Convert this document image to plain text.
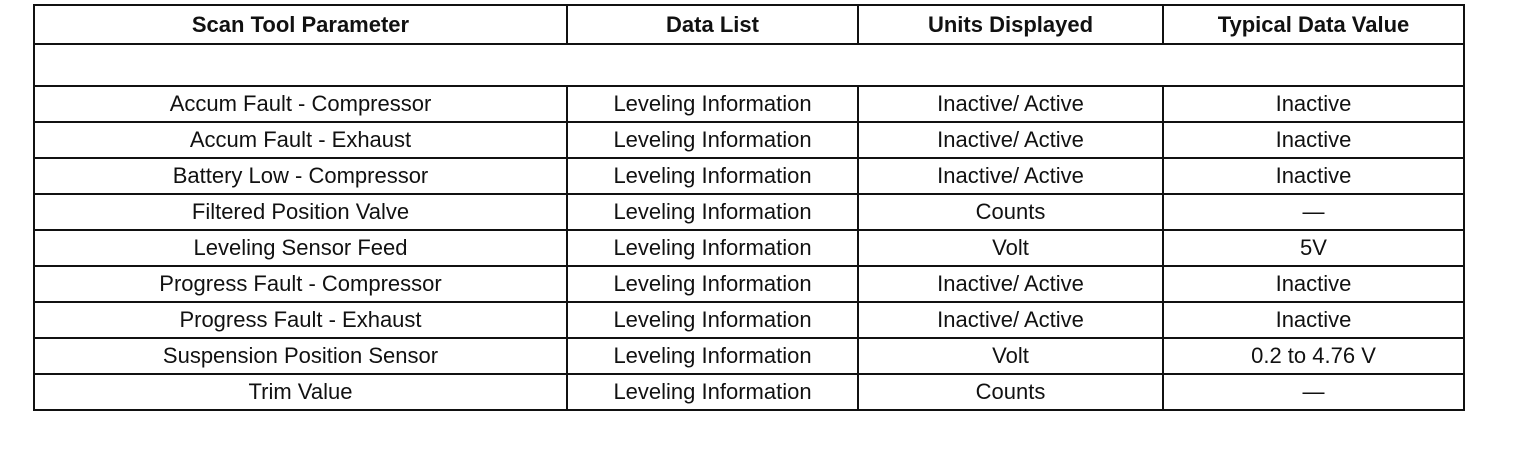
Scan Tool Parameter	Data List	Units Displayed	Typical Data Value

Accum Fault - Compressor	Leveling Information	Inactive/ Active	Inactive
Accum Fault - Exhaust	Leveling Information	Inactive/ Active	Inactive
Battery Low - Compressor	Leveling Information	Inactive/ Active	Inactive
Filtered Position Valve	Leveling Information	Counts	—
Leveling Sensor Feed	Leveling Information	Volt	5V
Progress Fault - Compressor	Leveling Information	Inactive/ Active	Inactive
Progress Fault - Exhaust	Leveling Information	Inactive/ Active	Inactive
Suspension Position Sensor	Leveling Information	Volt	0.2 to 4.76 V
Trim Value	Leveling Information	Counts	—
